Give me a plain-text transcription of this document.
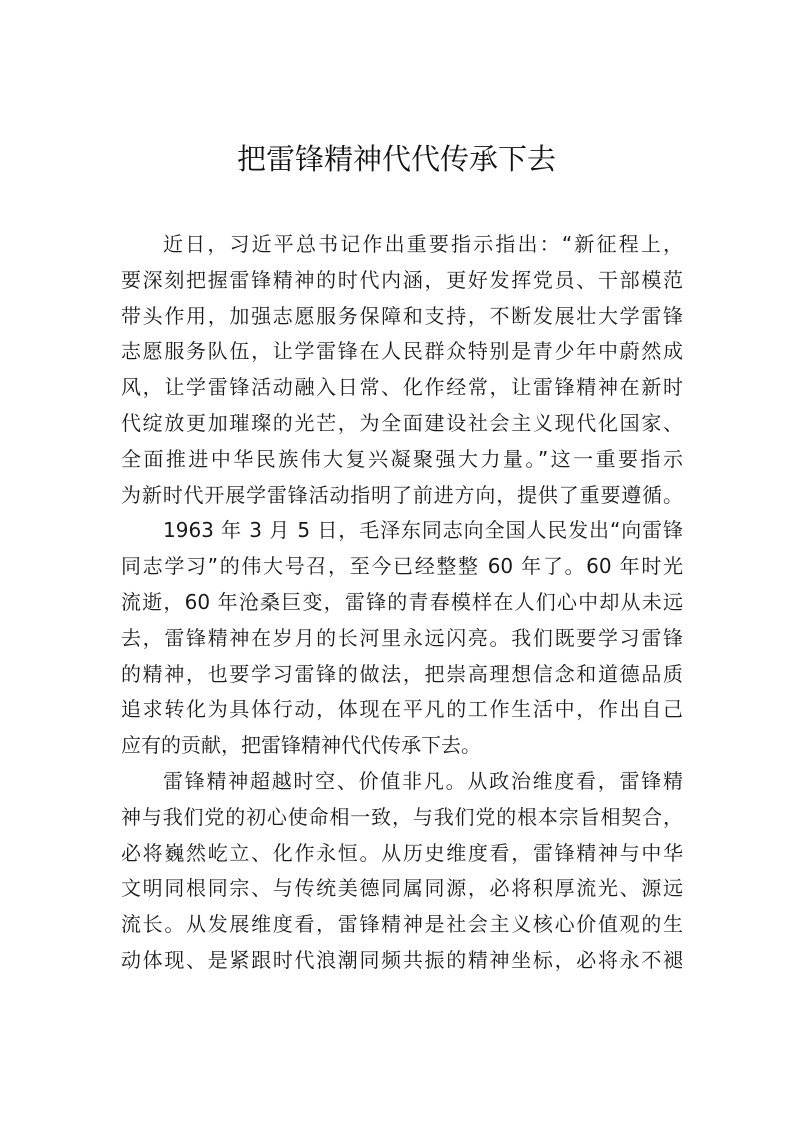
把雷锋精神代代传承下去
近日，习近平总书记作出重要指示指出：“新征程上，
要深刻把握雷锋精神的时代内涵，更好发挥党员、干部模范
带头作用，加强志愿服务保障和支持，不断发展壮大学雷锋
志愿服务队伍，让学雷锋在人民群众特别是青少年中蔚然成
风，让学雷锋活动融入日常、化作经常，让雷锋精神在新时
代绽放更加璀璨的光芒，为全面建设社会主义现代化国家、
全面推进中华民族伟大复兴凝聚强大力量。”这一重要指示
为新时代开展学雷锋活动指明了前进方向，提供了重要遵循。
1963 年 3 月 5 日，毛泽东同志向全国人民发出“向雷锋
同志学习”的伟大号召，至今已经整整 60 年了。60 年时光
流逝，60 年沧桑巨变，雷锋的青春模样在人们心中却从未远
去，雷锋精神在岁月的长河里永远闪亮。我们既要学习雷锋
的精神，也要学习雷锋的做法，把崇高理想信念和道德品质
追求转化为具体行动，体现在平凡的工作生活中，作出自己
应有的贡献，把雷锋精神代代传承下去。
雷锋精神超越时空、价值非凡。从政治维度看，雷锋精
神与我们党的初心使命相一致，与我们党的根本宗旨相契合，
必将巍然屹立、化作永恒。从历史维度看，雷锋精神与中华
文明同根同宗、与传统美德同属同源，必将积厚流光、源远
流长。从发展维度看，雷锋精神是社会主义核心价值观的生
动体现、是紧跟时代浪潮同频共振的精神坐标，必将永不褪
